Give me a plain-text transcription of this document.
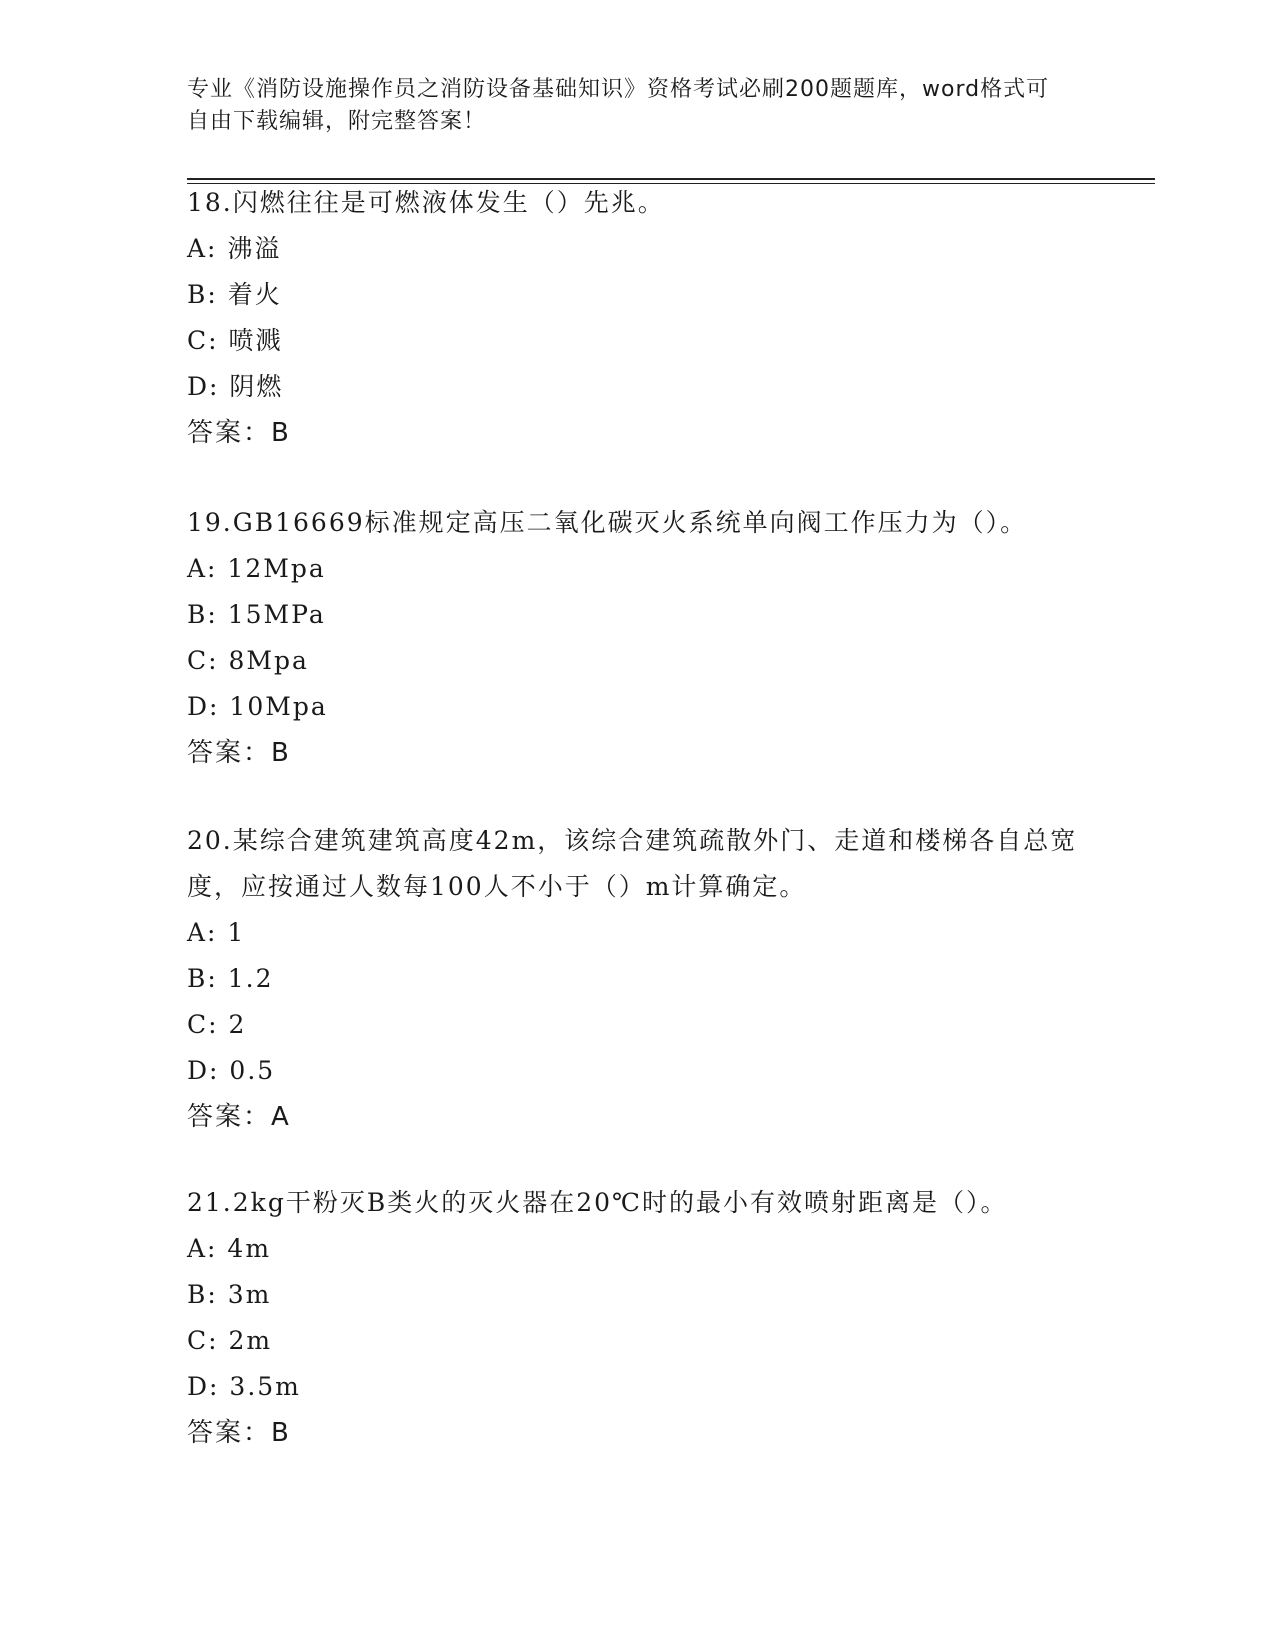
专业《消防设施操作员之消防设备基础知识》资格考试必刷200题题库，word格式可自由下载编辑，附完整答案！
18.闪燃往往是可燃液体发生（）先兆。
A: 沸溢
B: 着火
C: 喷溅
D: 阴燃
答案：B
19.GB16669标准规定高压二氧化碳灭火系统单向阀工作压力为（）。
A: 12Mpa
B: 15MPa
C: 8Mpa
D: 10Mpa
答案：B
20.某综合建筑建筑高度42m，该综合建筑疏散外门、走道和楼梯各自总宽度，应按通过人数每100人不小于（）m计算确定。
A: 1
B: 1.2
C: 2
D: 0.5
答案：A
21.2kg干粉灭B类火的灭火器在20℃时的最小有效喷射距离是（）。
A: 4m
B: 3m
C: 2m
D: 3.5m
答案：B
